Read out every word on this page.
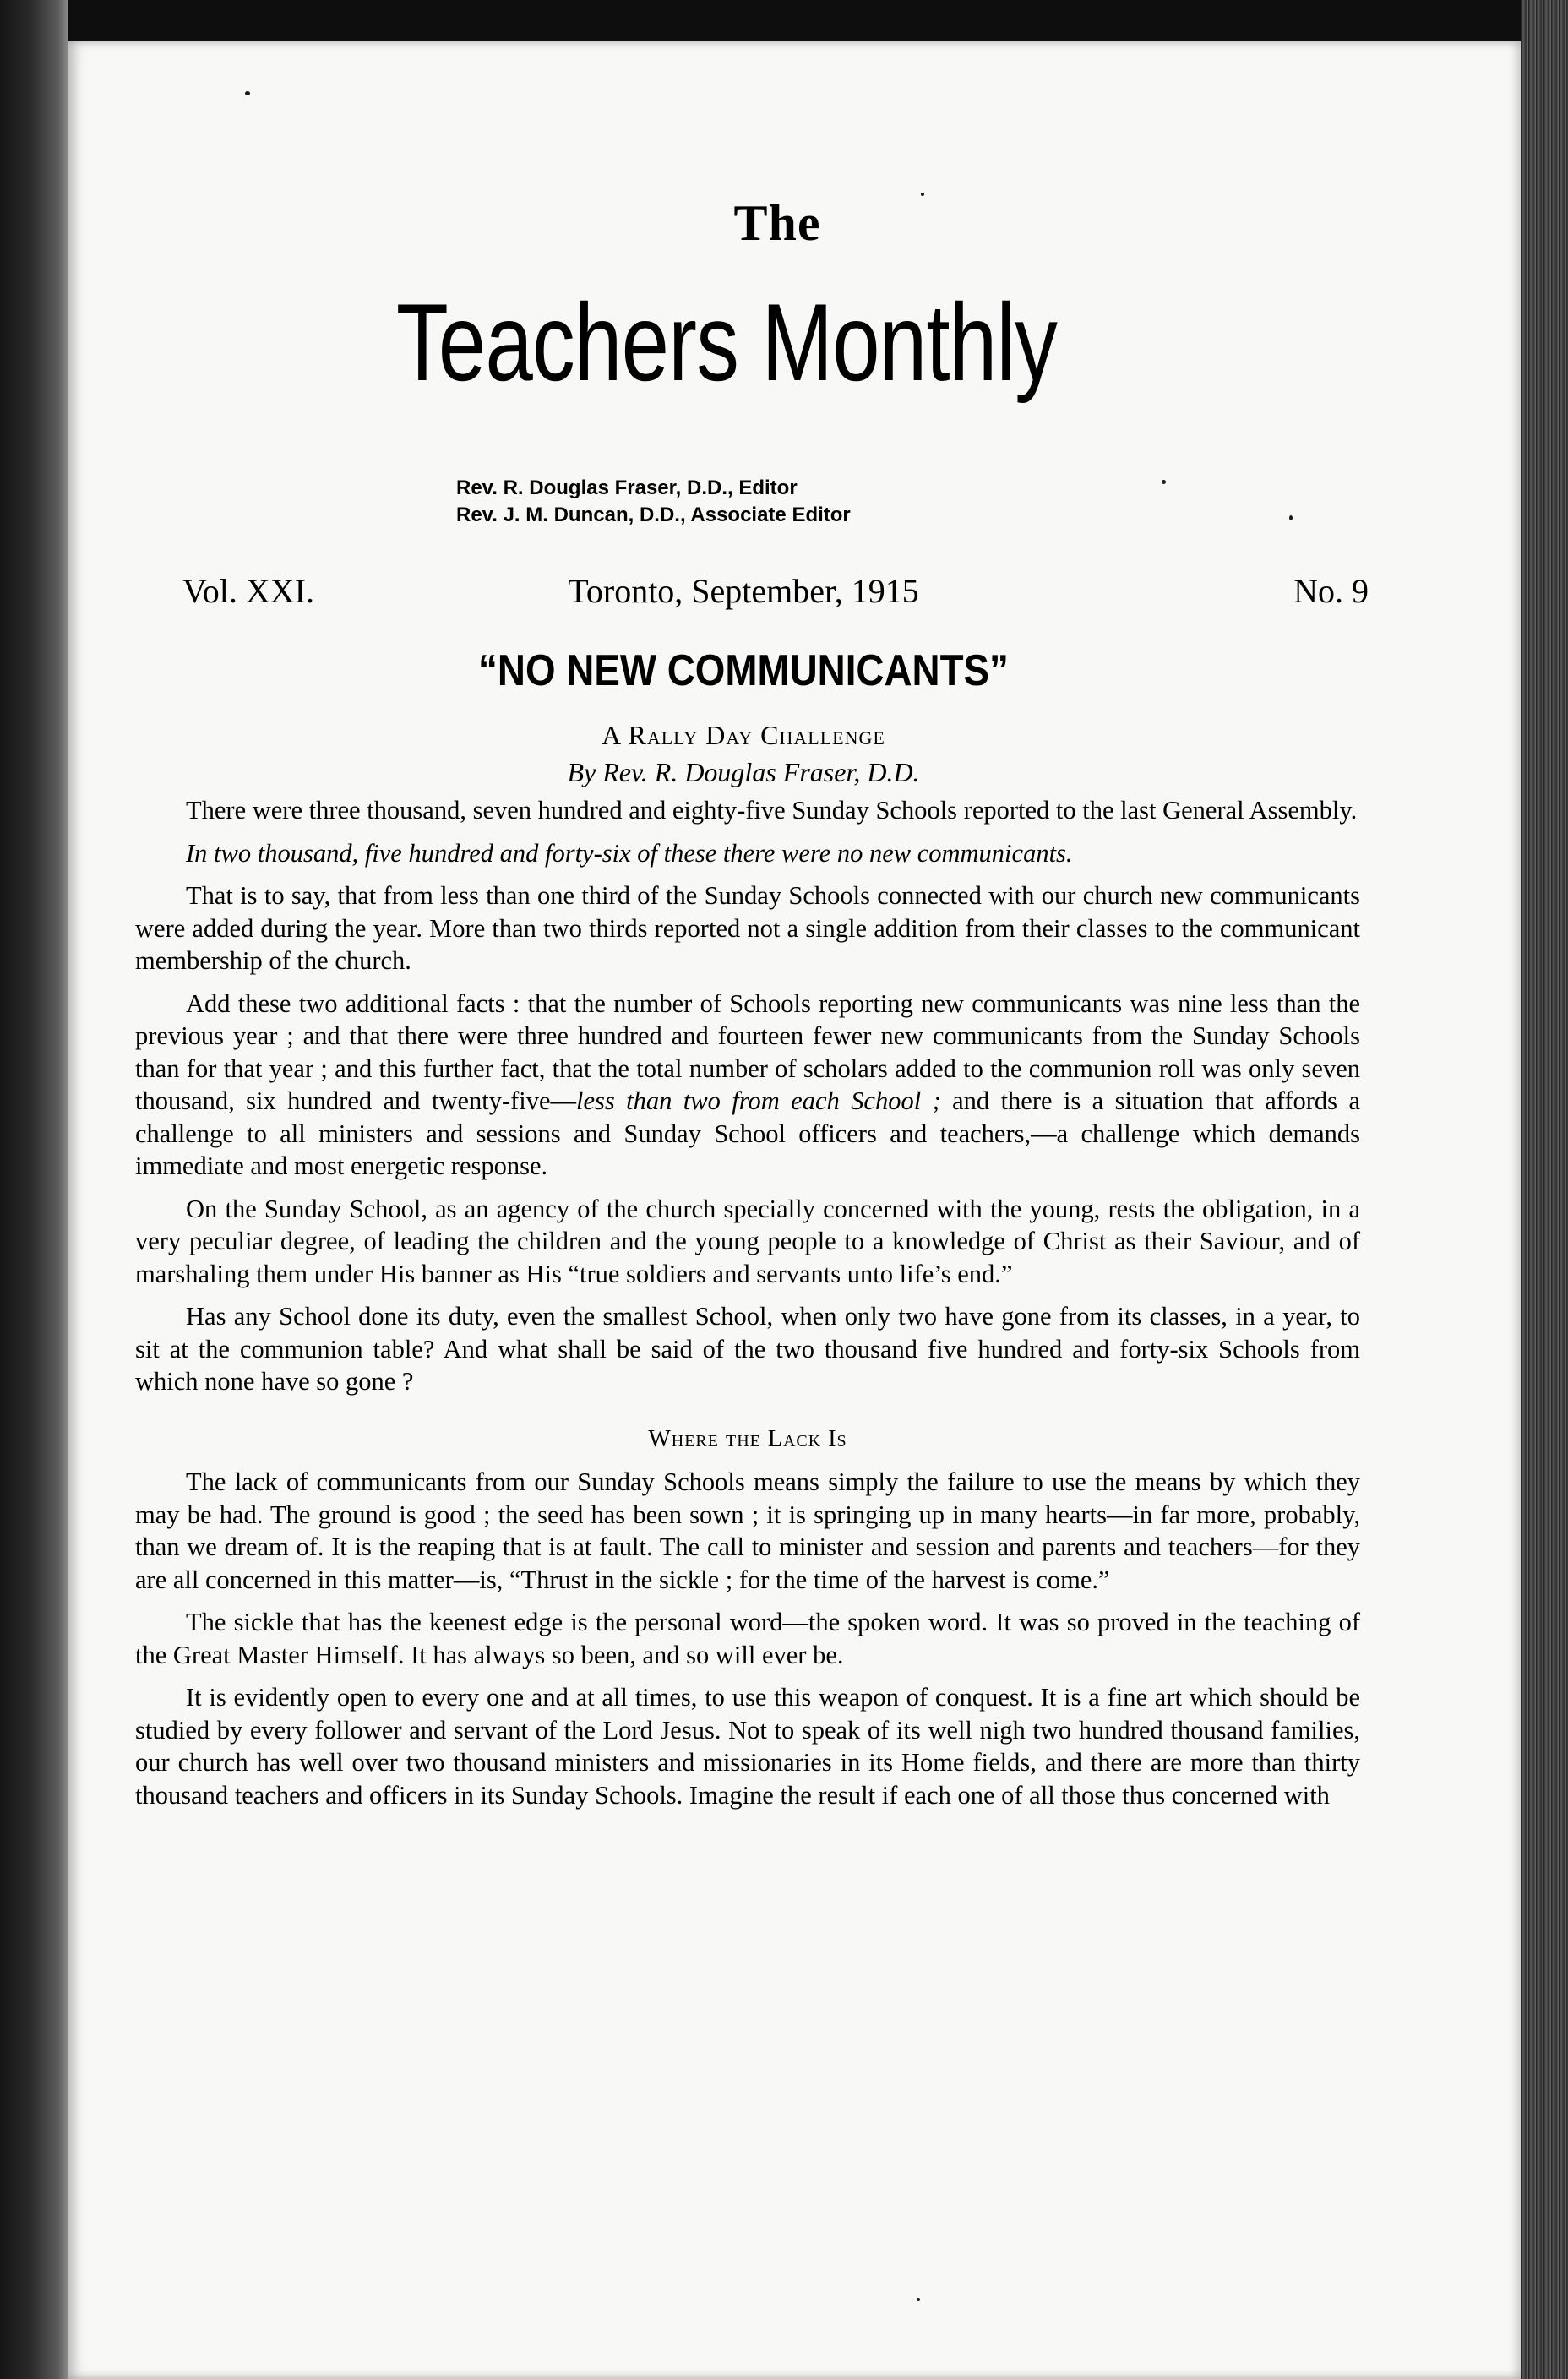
The
Teachers Monthly
Rev. R. Douglas Fraser, D.D., Editor
Rev. J. M. Duncan, D.D., Associate Editor
Vol. XXI.	Toronto, September, 1915	No. 9
“NO NEW COMMUNICANTS”
A Rally Day Challenge
By Rev. R. Douglas Fraser, D.D.

There were three thousand, seven hundred and eighty-five Sunday Schools reported to the last General Assembly.

In two thousand, five hundred and forty-six of these there were no new communicants.

That is to say, that from less than one third of the Sunday Schools connected with our church new communicants were added during the year. More than two thirds reported not a single addition from their classes to the communicant membership of the church.

Add these two additional facts : that the number of Schools reporting new communicants was nine less than the previous year ; and that there were three hundred and fourteen fewer new communicants from the Sunday Schools than for that year ; and this further fact, that the total number of scholars added to the communion roll was only seven thousand, six hundred and twenty-five—less than two from each School ; and there is a situation that affords a challenge to all ministers and sessions and Sunday School officers and teachers,—a challenge which demands immediate and most energetic response.

On the Sunday School, as an agency of the church specially concerned with the young, rests the obligation, in a very peculiar degree, of leading the children and the young people to a knowledge of Christ as their Saviour, and of marshaling them under His banner as His “true soldiers and servants unto life’s end.”

Has any School done its duty, even the smallest School, when only two have gone from its classes, in a year, to sit at the communion table? And what shall be said of the two thousand five hundred and forty-six Schools from which none have so gone ?

Where the Lack Is

The lack of communicants from our Sunday Schools means simply the failure to use the means by which they may be had. The ground is good ; the seed has been sown ; it is springing up in many hearts—in far more, probably, than we dream of. It is the reaping that is at fault. The call to minister and session and parents and teachers—for they are all concerned in this matter—is, “Thrust in the sickle ; for the time of the harvest is come.”

The sickle that has the keenest edge is the personal word—the spoken word. It was so proved in the teaching of the Great Master Himself. It has always so been, and so will ever be.

It is evidently open to every one and at all times, to use this weapon of conquest. It is a fine art which should be studied by every follower and servant of the Lord Jesus. Not to speak of its well nigh two hundred thousand families, our church has well over two thousand ministers and missionaries in its Home fields, and there are more than thirty thousand teachers and officers in its Sunday Schools. Imagine the result if each one of all those thus concerned with
